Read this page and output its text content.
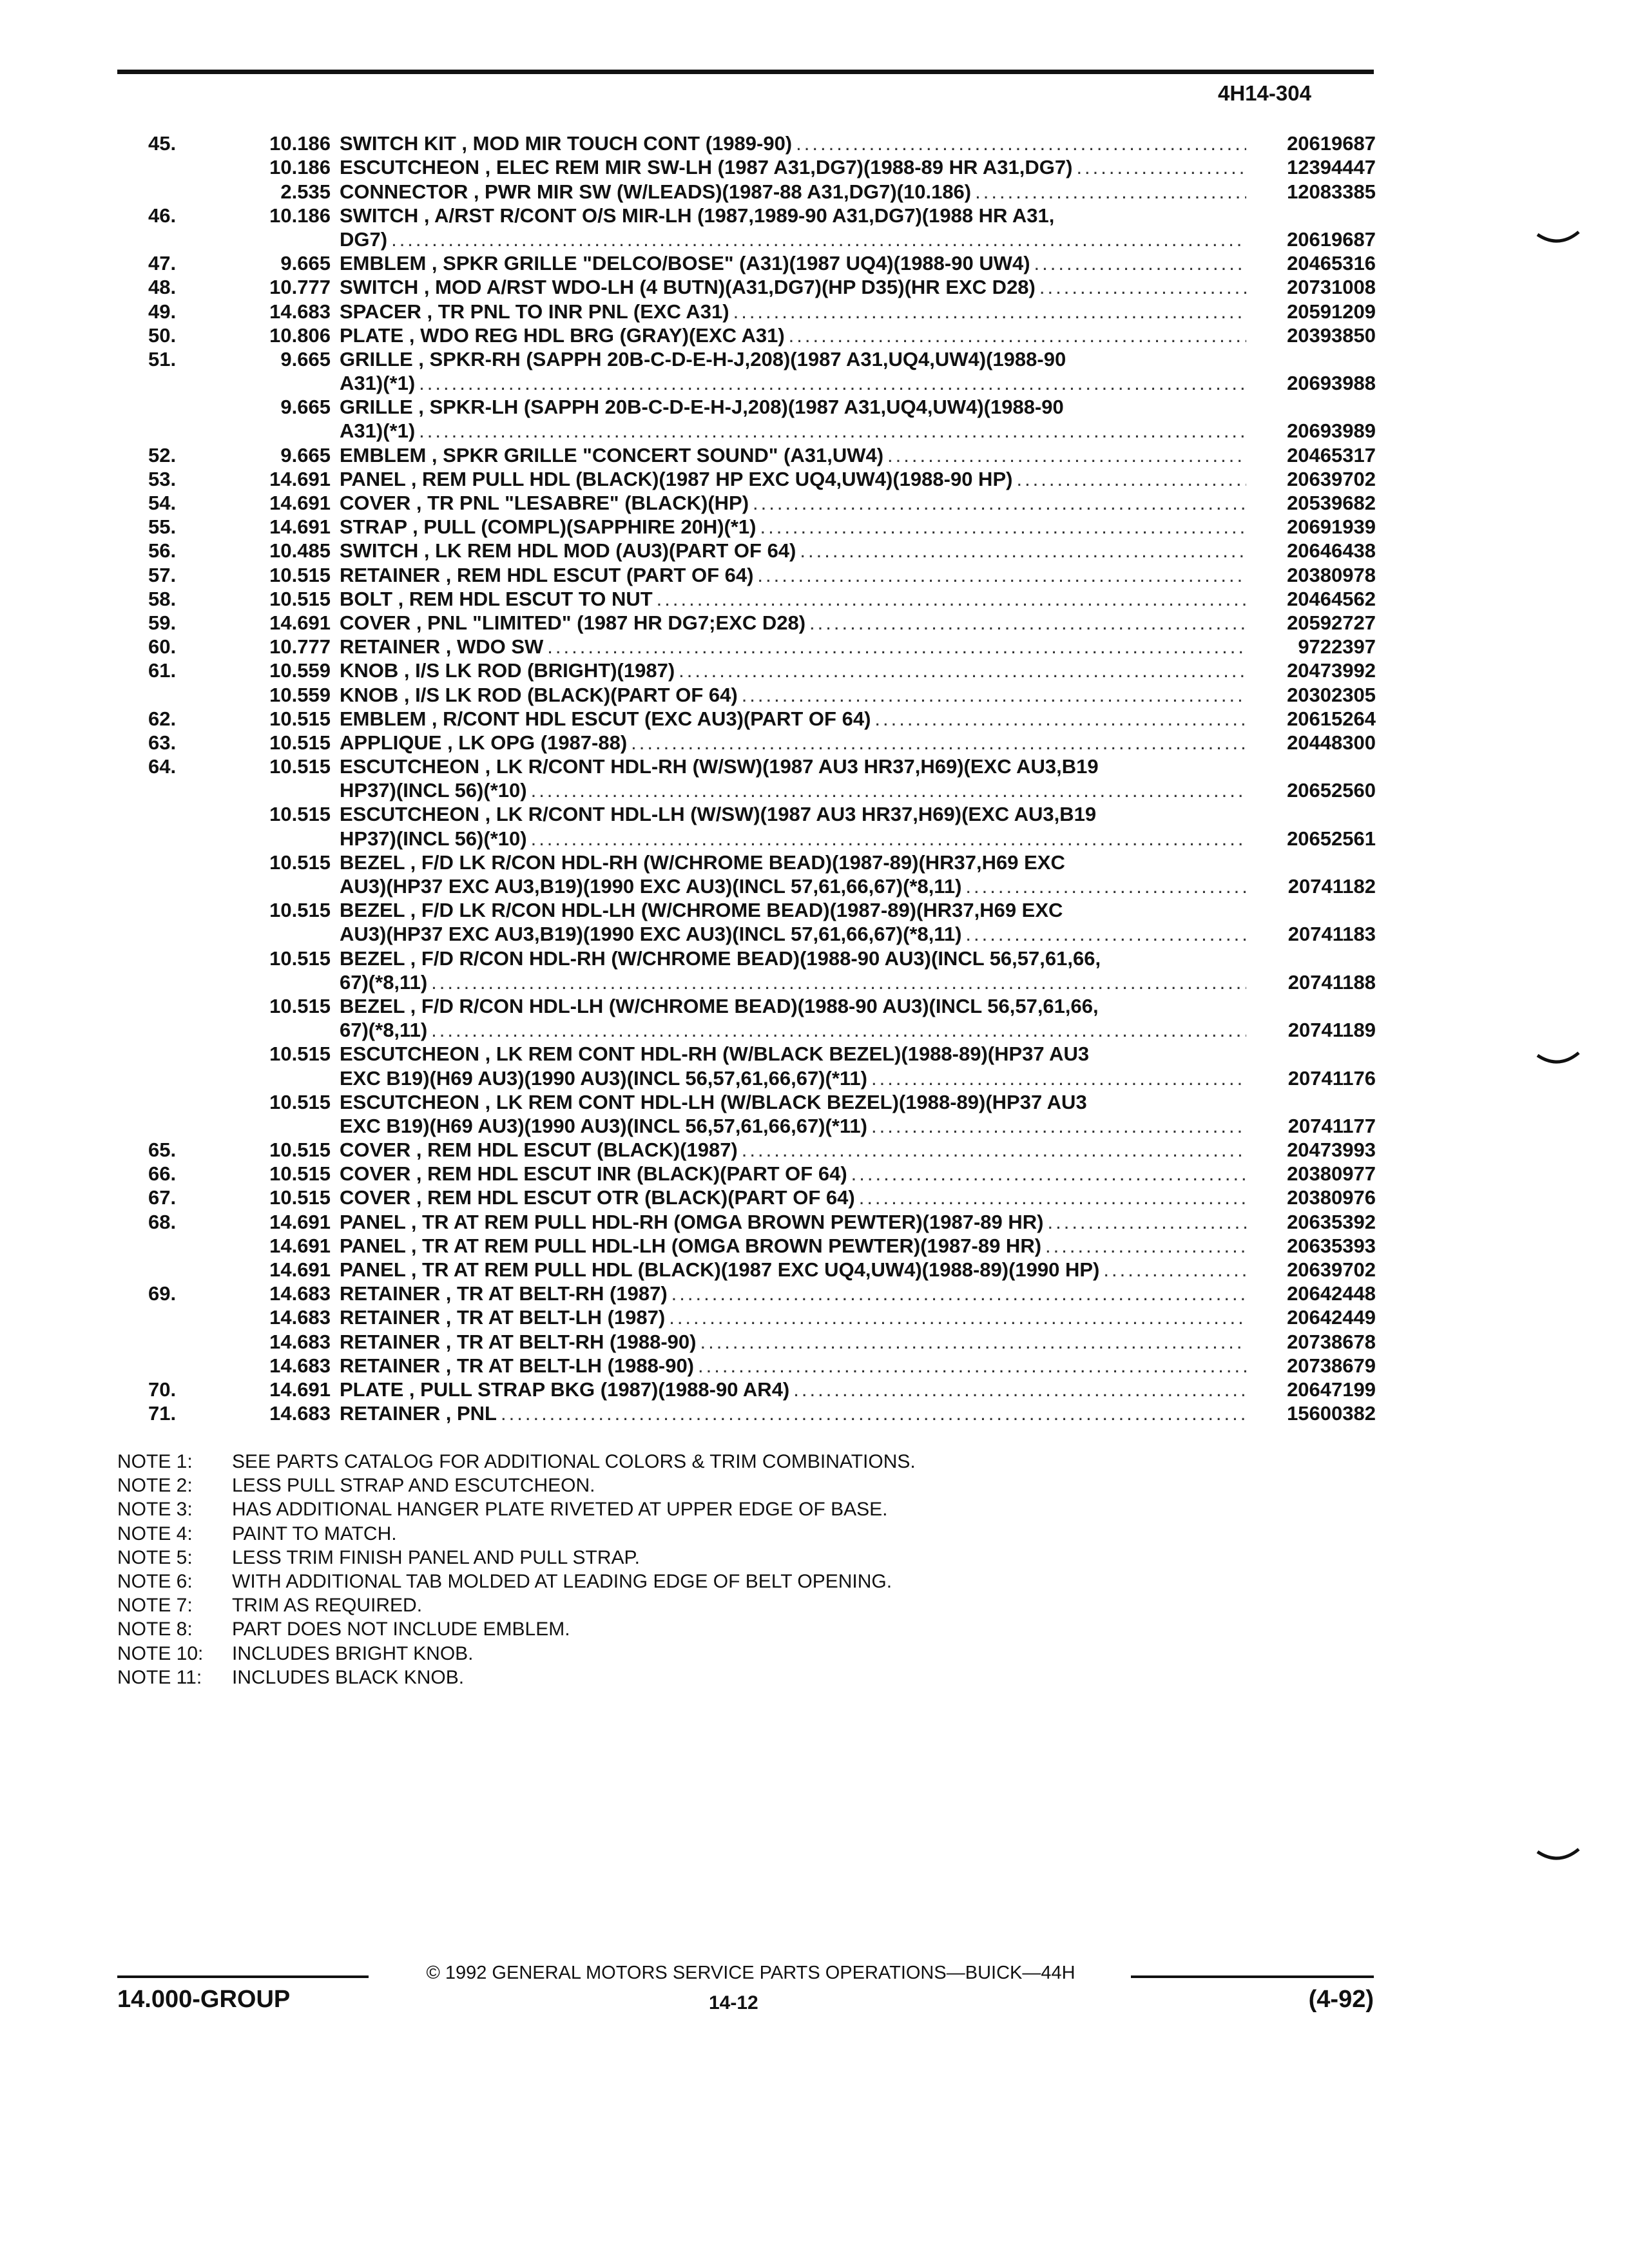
4H14-304
45.	10.186 SWITCH KIT , MOD MIR TOUCH CONT (1989-90) .....	20619687
10.186 ESCUTCHEON , ELEC REM MIR SW-LH (1987 A31,DG7)(1988-89 HR A31,DG7) .....	12394447
2.535 CONNECTOR , PWR MIR SW (W/LEADS)(1987-88 A31,DG7)(10.186) .....	12083385
46.	10.186 SWITCH , A/RST R/CONT O/S MIR-LH (1987,1989-90 A31,DG7)(1988 HR A31,
DG7) .....	20619687
47.	9.665 EMBLEM , SPKR GRILLE "DELCO/BOSE" (A31)(1987 UQ4)(1988-90 UW4) .....	20465316
48.	10.777 SWITCH , MOD A/RST WDO-LH (4 BUTN)(A31,DG7)(HP D35)(HR EXC D28) .....	20731008
49.	14.683 SPACER , TR PNL TO INR PNL (EXC A31) .....	20591209
50.	10.806 PLATE , WDO REG HDL BRG (GRAY)(EXC A31) .....	20393850
51.	9.665 GRILLE , SPKR-RH (SAPPH 20B-C-D-E-H-J,208)(1987 A31,UQ4,UW4)(1988-90
A31)(*1) .....	20693988
9.665 GRILLE , SPKR-LH (SAPPH 20B-C-D-E-H-J,208)(1987 A31,UQ4,UW4)(1988-90
A31)(*1) .....	20693989
52.	9.665 EMBLEM , SPKR GRILLE "CONCERT SOUND" (A31,UW4) .....	20465317
53.	14.691 PANEL , REM PULL HDL (BLACK)(1987 HP EXC UQ4,UW4)(1988-90 HP) .....	20639702
54.	14.691 COVER , TR PNL "LESABRE" (BLACK)(HP) .....	20539682
55.	14.691 STRAP , PULL (COMPL)(SAPPHIRE 20H)(*1) .....	20691939
56.	10.485 SWITCH , LK REM HDL MOD (AU3)(PART OF 64) .....	20646438
57.	10.515 RETAINER , REM HDL ESCUT (PART OF 64) .....	20380978
58.	10.515 BOLT , REM HDL ESCUT TO NUT .....	20464562
59.	14.691 COVER , PNL "LIMITED" (1987 HR DG7;EXC D28) .....	20592727
60.	10.777 RETAINER , WDO SW .....	9722397
61.	10.559 KNOB , I/S LK ROD (BRIGHT)(1987) .....	20473992
10.559 KNOB , I/S LK ROD (BLACK)(PART OF 64) .....	20302305
62.	10.515 EMBLEM , R/CONT HDL ESCUT (EXC AU3)(PART OF 64) .....	20615264
63.	10.515 APPLIQUE , LK OPG (1987-88) .....	20448300
64.	10.515 ESCUTCHEON , LK R/CONT HDL-RH (W/SW)(1987 AU3 HR37,H69)(EXC AU3,B19
HP37)(INCL 56)(*10) .....	20652560
10.515 ESCUTCHEON , LK R/CONT HDL-LH (W/SW)(1987 AU3 HR37,H69)(EXC AU3,B19
HP37)(INCL 56)(*10) .....	20652561
10.515 BEZEL , F/D LK R/CON HDL-RH (W/CHROME BEAD)(1987-89)(HR37,H69 EXC
AU3)(HP37 EXC AU3,B19)(1990 EXC AU3)(INCL 57,61,66,67)(*8,11) .....	20741182
10.515 BEZEL , F/D LK R/CON HDL-LH (W/CHROME BEAD)(1987-89)(HR37,H69 EXC
AU3)(HP37 EXC AU3,B19)(1990 EXC AU3)(INCL 57,61,66,67)(*8,11) .....	20741183
10.515 BEZEL , F/D R/CON HDL-RH (W/CHROME BEAD)(1988-90 AU3)(INCL 56,57,61,66,
67)(*8,11) .....	20741188
10.515 BEZEL , F/D R/CON HDL-LH (W/CHROME BEAD)(1988-90 AU3)(INCL 56,57,61,66,
67)(*8,11) .....	20741189
10.515 ESCUTCHEON , LK REM CONT HDL-RH (W/BLACK BEZEL)(1988-89)(HP37 AU3
EXC B19)(H69 AU3)(1990 AU3)(INCL 56,57,61,66,67)(*11) .....	20741176
10.515 ESCUTCHEON , LK REM CONT HDL-LH (W/BLACK BEZEL)(1988-89)(HP37 AU3
EXC B19)(H69 AU3)(1990 AU3)(INCL 56,57,61,66,67)(*11) .....	20741177
65.	10.515 COVER , REM HDL ESCUT (BLACK)(1987) .....	20473993
66.	10.515 COVER , REM HDL ESCUT INR (BLACK)(PART OF 64) .....	20380977
67.	10.515 COVER , REM HDL ESCUT OTR (BLACK)(PART OF 64) .....	20380976
68.	14.691 PANEL , TR AT REM PULL HDL-RH (OMGA BROWN PEWTER)(1987-89 HR) .....	20635392
14.691 PANEL , TR AT REM PULL HDL-LH (OMGA BROWN PEWTER)(1987-89 HR) .....	20635393
14.691 PANEL , TR AT REM PULL HDL (BLACK)(1987 EXC UQ4,UW4)(1988-89)(1990 HP) .....	20639702
69.	14.683 RETAINER , TR AT BELT-RH (1987) .....	20642448
14.683 RETAINER , TR AT BELT-LH (1987) .....	20642449
14.683 RETAINER , TR AT BELT-RH (1988-90) .....	20738678
14.683 RETAINER , TR AT BELT-LH (1988-90) .....	20738679
70.	14.691 PLATE , PULL STRAP BKG (1987)(1988-90 AR4) .....	20647199
71.	14.683 RETAINER , PNL .....	15600382
NOTE 1: SEE PARTS CATALOG FOR ADDITIONAL COLORS & TRIM COMBINATIONS.
NOTE 2: LESS PULL STRAP AND ESCUTCHEON.
NOTE 3: HAS ADDITIONAL HANGER PLATE RIVETED AT UPPER EDGE OF BASE.
NOTE 4: PAINT TO MATCH.
NOTE 5: LESS TRIM FINISH PANEL AND PULL STRAP.
NOTE 6: WITH ADDITIONAL TAB MOLDED AT LEADING EDGE OF BELT OPENING.
NOTE 7: TRIM AS REQUIRED.
NOTE 8: PART DOES NOT INCLUDE EMBLEM.
NOTE 10: INCLUDES BRIGHT KNOB.
NOTE 11: INCLUDES BLACK KNOB.
© 1992 GENERAL MOTORS SERVICE PARTS OPERATIONS—BUICK—44H
14.000-GROUP	14-12	(4-92)
